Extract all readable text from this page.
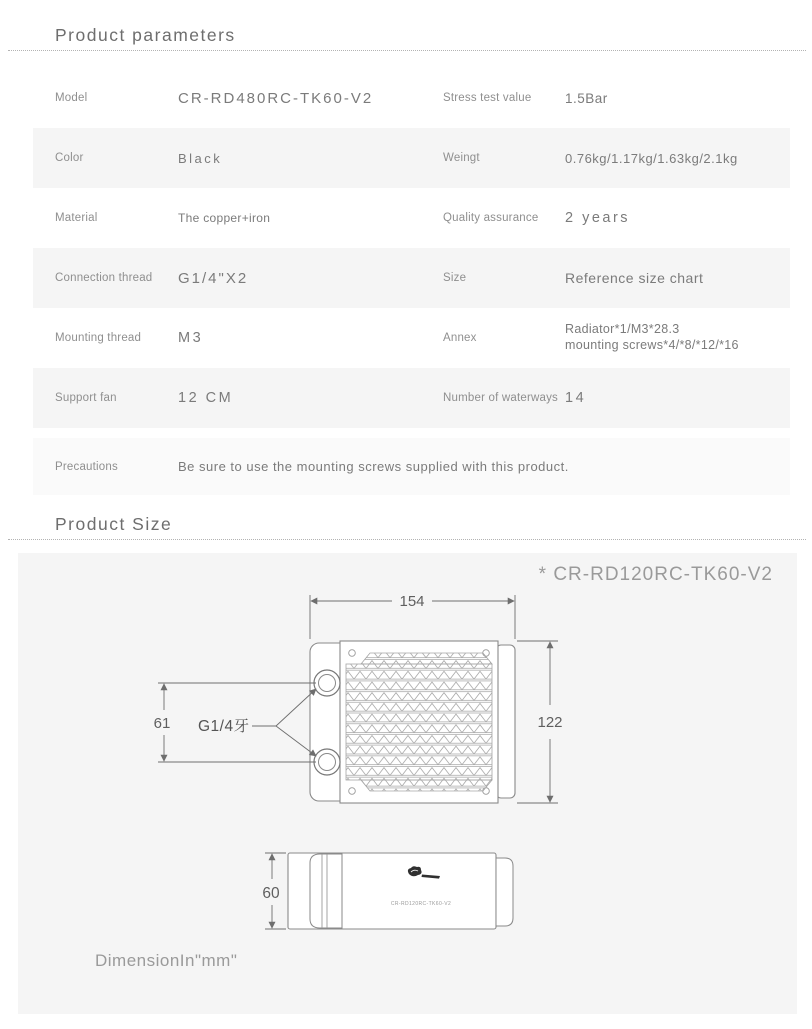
Product parameters
Model	CR-RD480RC-TK60-V2	Stress test value	1.5Bar
Color	Black	Weingt	0.76kg/1.17kg/1.63kg/2.1kg
Material	The copper+iron	Quality assurance	2 years
Connection thread	G1/4"X2	Size	Reference size chart
Mounting thread	M3	Annex
Radiator*1/M3*28.3
mounting screws*4/*8/*12/*16
Support fan	12 CM	Number of waterways 14
Precautions	Be sure to use the mounting screws supplied with this product.
Product Size
* CR-RD120RC-TK60-V2
154
122
61 G1/4牙
CR-RD120RC-TK60-V2
60
DimensionIn"mm"
